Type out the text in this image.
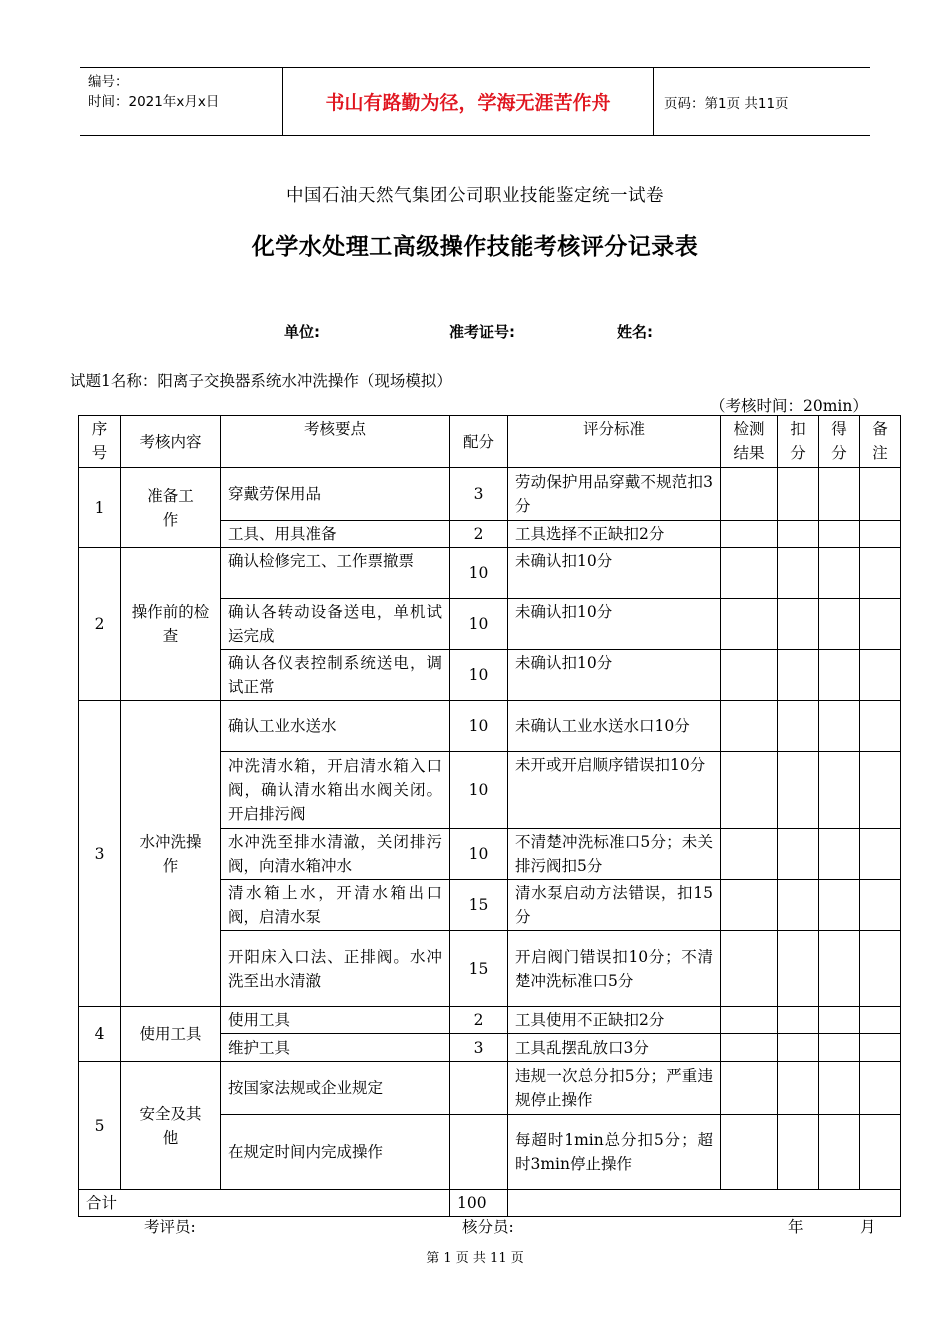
编号：
时间：2021年x月x日	书山有路勤为径，学海无涯苦作舟	页码：第1页 共11页
中国石油天然气集团公司职业技能鉴定统一试卷
化学水处理工高级操作技能考核评分记录表
单位:	准考证号:	姓名:
试题1名称：阳离子交换器系统水冲洗操作（现场模拟）
（考核时间：20min）
序号	考核内容	考核要点	配分	评分标准	检测结果	扣分	得分	备注
1	准备工作	穿戴劳保用品	3	劳动保护用品穿戴不规范扣3分				
		工具、用具准备	2	工具选择不正缺扣2分				
2	操作前的检查	确认检修完工、工作票撤票	10	未确认扣10分				
		确认各转动设备送电，单机试运完成	10	未确认扣10分				
		确认各仪表控制系统送电，调试正常	10	未确认扣10分				
3	水冲洗操作	确认工业水送水	10	未确认工业水送水口10分				
		冲洗清水箱，开启清水箱入口阀，确认清水箱出水阀关闭。开启排污阀	10	未开或开启顺序错误扣10分				
		水冲洗至排水清澈，关闭排污阀，向清水箱冲水	10	不清楚冲洗标准口5分；未关排污阀扣5分				
		清水箱上水，开清水箱出口阀，启清水泵	15	清水泵启动方法错误，扣15分				
		开阳床入口法、正排阀。水冲洗至出水清澈	15	开启阀门错误扣10分；不清楚冲洗标准口5分				
4	使用工具	使用工具	2	工具使用不正缺扣2分				
		维护工具	3	工具乱摆乱放口3分				
5	安全及其他	按国家法规或企业规定		违规一次总分扣5分；严重违规停止操作				
		在规定时间内完成操作		每超时1min总分扣5分；超时3min停止操作				
合计			100					
考评员:	核分员:	年	月
第 1 页 共 11 页
